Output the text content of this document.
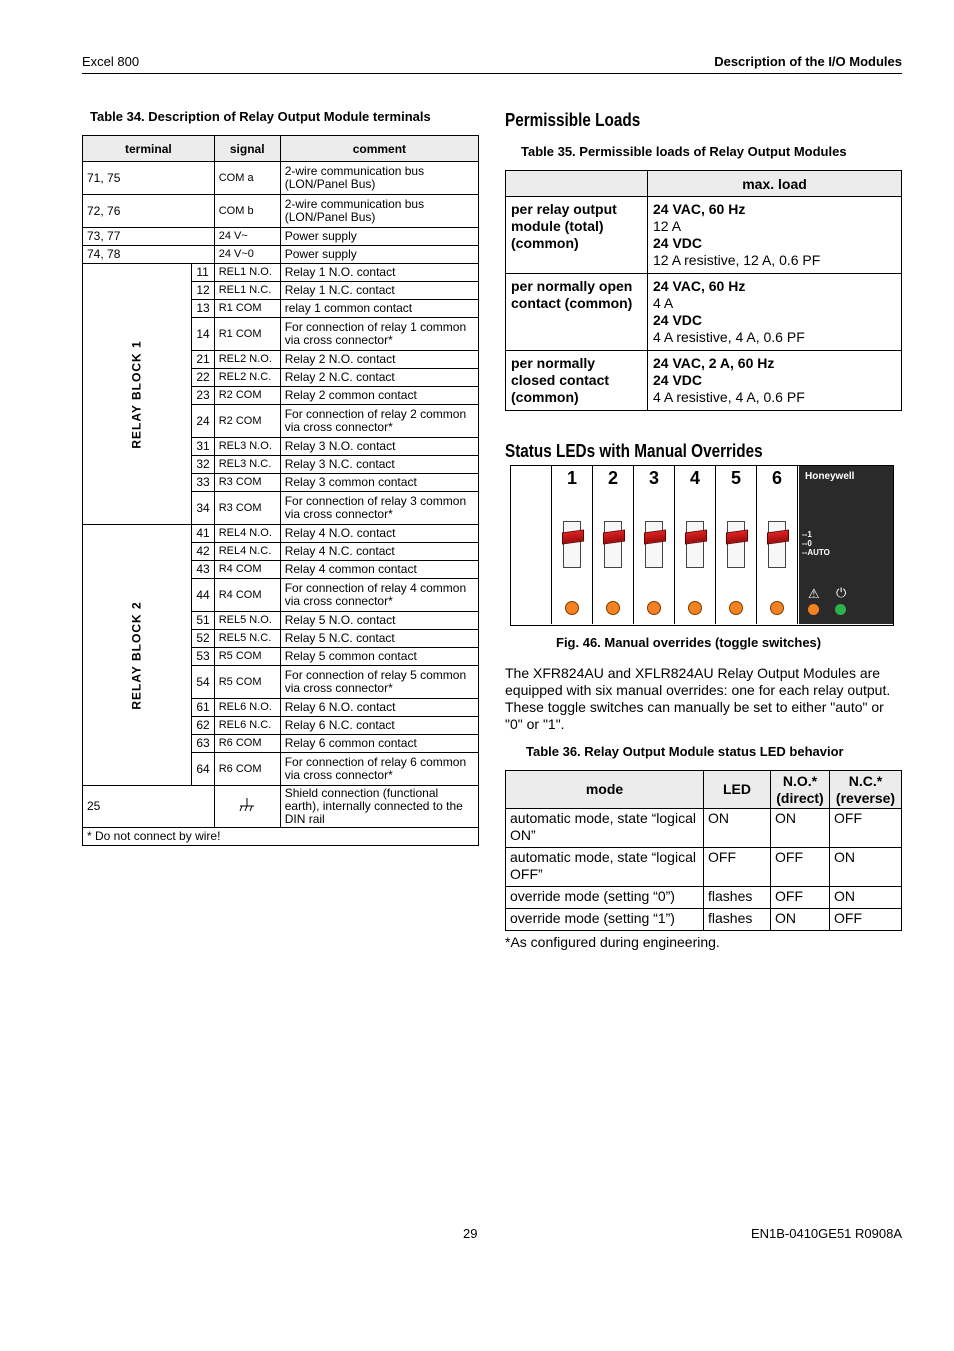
Excel 800	Description of the I/O Modules
Table 34. Description of Relay Output Module terminals
terminal		signal	comment
71, 75		COM a	2-wire communication bus (LON/Panel Bus)
72, 76		COM b	2-wire communication bus (LON/Panel Bus)
73, 77		24 V~	Power supply
74, 78		24 V~0	Power supply
RELAY BLOCK 1	11	REL1 N.O.	Relay 1 N.O. contact
	12	REL1 N.C.	Relay 1 N.C. contact
	13	R1 COM	relay 1 common contact
	14	R1 COM	For connection of relay 1 common via cross connector*
	21	REL2 N.O.	Relay 2 N.O. contact
	22	REL2 N.C.	Relay 2 N.C. contact
	23	R2 COM	Relay 2 common contact
	24	R2 COM	For connection of relay 2 common via cross connector*
	31	REL3 N.O.	Relay 3 N.O. contact
	32	REL3 N.C.	Relay 3 N.C. contact
	33	R3 COM	Relay 3 common contact
	34	R3 COM	For connection of relay 3 common via cross connector*
RELAY BLOCK 2	41	REL4 N.O.	Relay 4 N.O. contact
	42	REL4 N.C.	Relay 4 N.C. contact
	43	R4 COM	Relay 4 common contact
	44	R4 COM	For connection of relay 4 common via cross connector*
	51	REL5 N.O.	Relay 5 N.O. contact
	52	REL5 N.C.	Relay 5 N.C. contact
	53	R5 COM	Relay 5 common contact
	54	R5 COM	For connection of relay 5 common via cross connector*
	61	REL6 N.O.	Relay 6 N.O. contact
	62	REL6 N.C.	Relay 6 N.C. contact
	63	R6 COM	Relay 6 common contact
	64	R6 COM	For connection of relay 6 common via cross connector*
25			Shield connection (functional earth), internally connected to the DIN rail
* Do not connect by wire!			
Permissible Loads
Table 35. Permissible loads of Relay Output Modules
	max. load
per relay output module (total) (common)	24 VAC, 60 Hz
12 A
24 VDC
12 A resistive, 12 A, 0.6 PF

per normally open contact (common)	24 VAC, 60 Hz
4 A
24 VDC
4 A resistive, 4 A, 0.6 PF

per normally closed contact (common)	24 VAC, 2 A, 60 Hz
24 VDC
4 A resistive, 4 A, 0.6 PF
Status LEDs with Manual Overrides
1	2	3	4	5	6	Honeywell
--1
--0
--AUTO
⚠ ⏻
Fig. 46. Manual overrides (toggle switches)
The XFR824AU and XFLR824AU Relay Output Modules are equipped with six manual overrides: one for each relay output. These toggle switches can manually be set to either "auto" or "0" or "1".
Table 36. Relay Output Module status LED behavior
mode	LED	N.O.* (direct)	N.C.* (reverse)
automatic mode, state “logical ON”	ON	ON	OFF
automatic mode, state “logical OFF”	OFF	OFF	ON
override mode (setting “0”)	flashes	OFF	ON
override mode (setting “1”)	flashes	ON	OFF
*As configured during engineering.
29	EN1B-0410GE51 R0908A
